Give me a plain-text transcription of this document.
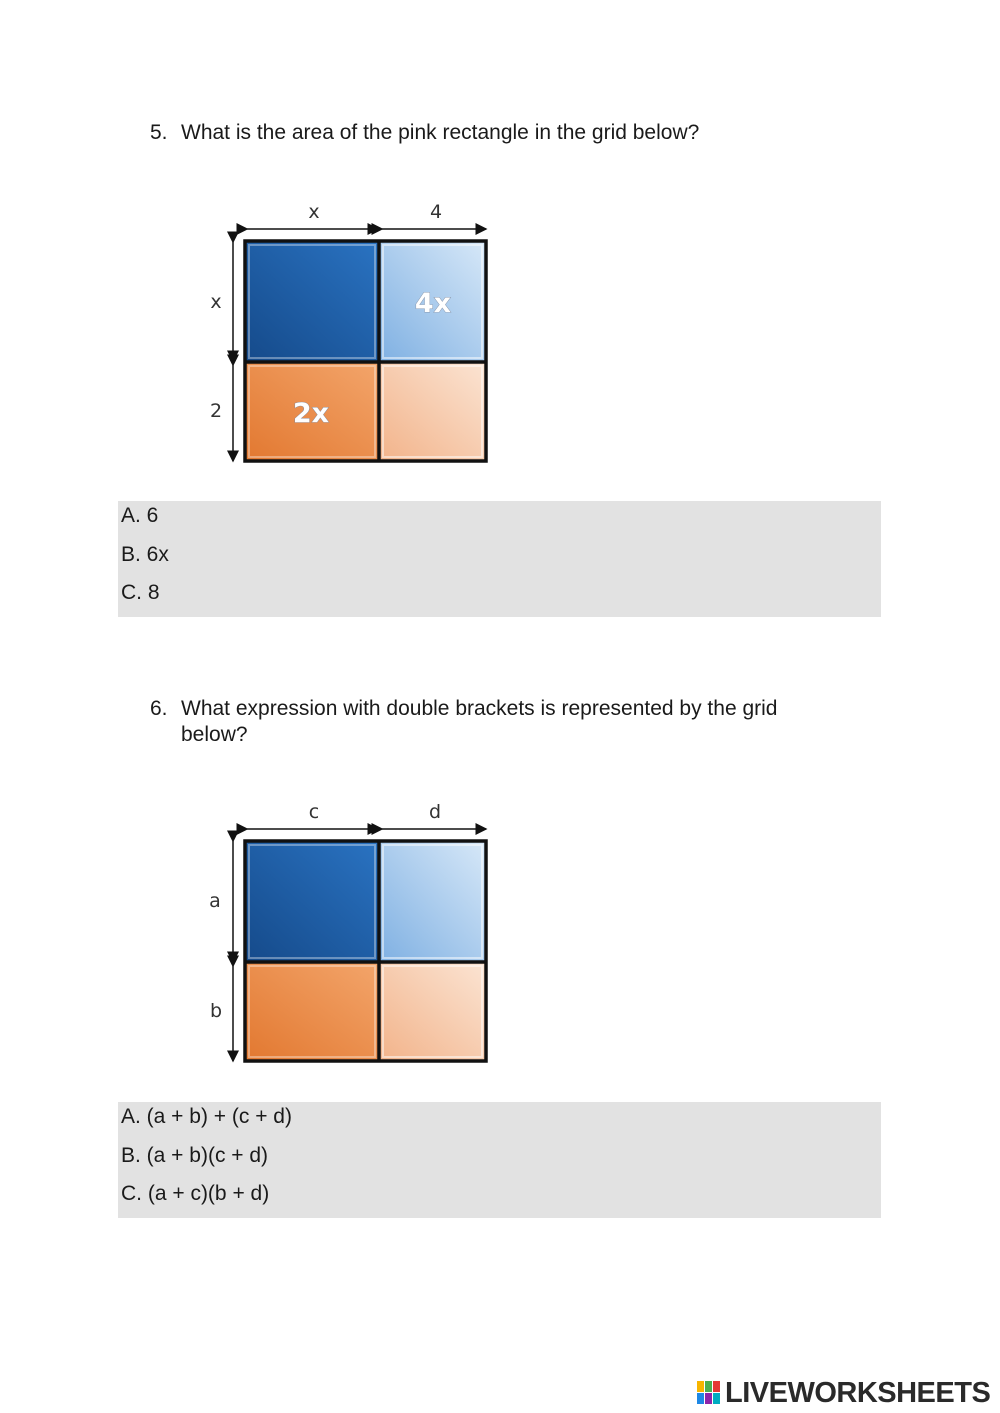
5. What is the area of the pink rectangle in the grid below?
x	4
x
2
4x
2x
A. 6
B. 6x
C. 8
6. What expression with double brackets is represented by the grid below?
c	d
a
b
A. (a + b) + (c + d)
B. (a + b)(c + d)
C. (a + c)(b + d)
LIVEWORKSHEETS
